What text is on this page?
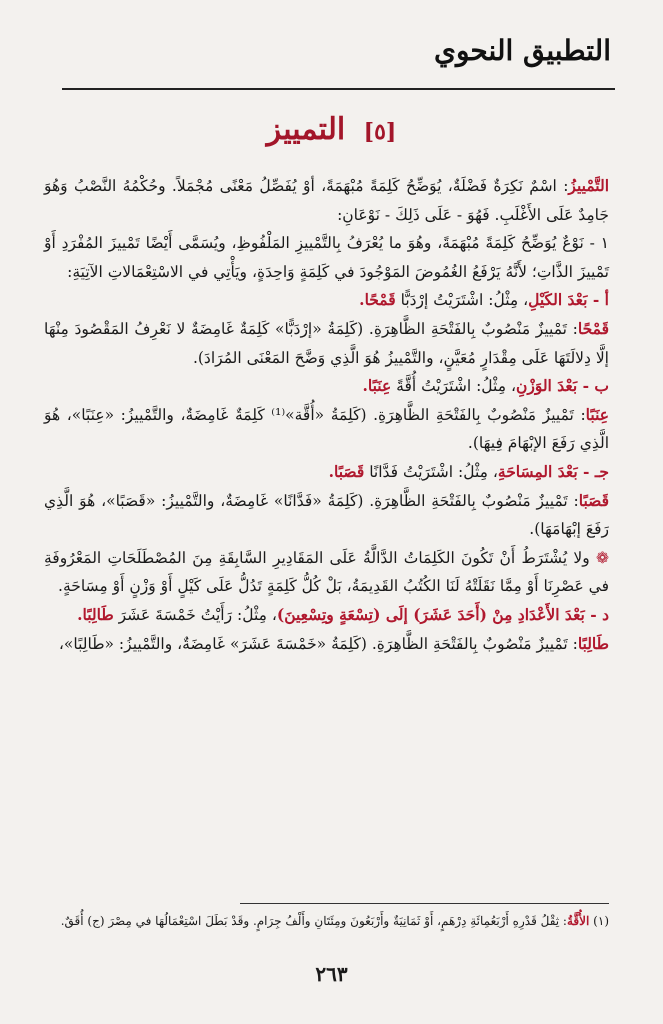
التطبيق النحوي
[٥] التمييز

التَّمْييزُ: اسْمٌ نَكِرَةٌ فَضْلَةٌ، يُوَضِّحُ كَلِمَةً مُبْهَمَةً، أوْ يُفَصِّلُ مَعْنًى مُجْمَلاً. وحُكْمُهُ النَّصْبُ وَهُوَ جَامِدٌ عَلَى الأَغْلَبِ. فَهُوَ - عَلَى ذَلِكَ - نَوْعَانِ:

١ - نَوْعٌ يُوَضِّحُ كَلِمَةً مُبْهَمَةً، وهُوَ ما يُعْرَفُ بِالتَّمْييزِ المَلْفُوظِ، ويُسَمَّى أَيْضًا تَمْييزَ المُفْرَدِ أَوْ تَمْييزَ الذَّاتِ؛ لأَنَّهُ يَرْفَعُ الغُمُوضَ المَوْجُودَ في كَلِمَةٍ وَاحِدَةٍ، ويَأْتِي في الاسْتِعْمَالاتِ الآتِيَةِ:

أ - بَعْدَ الكَيْلِ، مِثْلُ: اشْتَرَيْتُ إرْدَبًّا قَمْحًا.

قَمْحًا: تَمْييزٌ مَنْصُوبٌ بِالفَتْحَةِ الظَّاهِرَةِ. (كَلِمَةُ «إرْدَبًّا» كَلِمَةٌ غَامِضَةٌ لا نَعْرِفُ المَقْصُودَ مِنْهَا إلَّا دِلالَتَهَا عَلَى مِقْدَارٍ مُعَيَّنٍ، والتَّمْييزُ هُوَ الَّذِي وَضَّحَ المَعْنَى المُرَادَ).

ب - بَعْدَ الوَزْنِ، مِثْلُ: اشْتَرَيْتُ أُقَّةً عِنَبًا.

عِنَبًا: تَمْييزٌ مَنْصُوبٌ بِالفَتْحَةِ الظَّاهِرَةِ. (كَلِمَةُ «أُقَّة»⁽¹⁾ كَلِمَةٌ غَامِضَةٌ، والتَّمْييزُ: «عِنَبًا»، هُوَ الَّذِي رَفَعَ الإبْهَامَ فِيهَا).

جـ - بَعْدَ المِسَاحَةِ، مِثْلُ: اشْتَرَيْتُ فَدَّانًا قَصَبًا.

قَصَبًا: تَمْييزٌ مَنْصُوبٌ بِالفَتْحَةِ الظَّاهِرَةِ. (كَلِمَةُ «فَدَّانًا» غَامِضَةٌ، والتَّمْييزُ: «قَصَبًا»، هُوَ الَّذِي رَفَعَ إبْهَامَهَا).

❁ ولا يُشْتَرَطُ أَنْ تَكُونَ الكَلِمَاتُ الدَّالَّةُ عَلَى المَقَادِيرِ السَّابِقَةِ مِنَ المُصْطَلَحَاتِ المَعْرُوفَةِ في عَصْرِنَا أَوْ مِمَّا نَقَلَتْهُ لَنَا الكُتُبُ القَدِيمَةُ، بَلْ كُلُّ كَلِمَةٍ تَدُلُّ عَلَى كَيْلٍ أَوْ وَزْنٍ أَوْ مِسَاحَةٍ.

د - بَعْدَ الأَعْدَادِ مِنْ (أَحَدَ عَشَرَ) إلَى (تِسْعَةٍ وتِسْعِينَ)، مِثْلُ: رَأَيْتُ خَمْسَةَ عَشَرَ طَالِبًا.

طَالِبًا: تَمْييزٌ مَنْصُوبٌ بِالفَتْحَةِ الظَّاهِرَةِ. (كَلِمَةُ «خَمْسَةَ عَشَرَ» غَامِضَةٌ، والتَّمْييزُ: «طَالِبًا»،

(١) الأُقَّةُ: ثِقْلُ قَدْرِهِ أَرْبَعُمِائَةِ دِرْهَمٍ، أَوْ ثَمَانِيَةٌ وأَرْبَعُونَ ومِئَتَانِ وأَلْفُ جِرَامٍ. وقَدْ بَطَلَ اسْتِعْمَالُهَا في مِصْرَ (ج) أُقَقٌ.
٢٦٣
